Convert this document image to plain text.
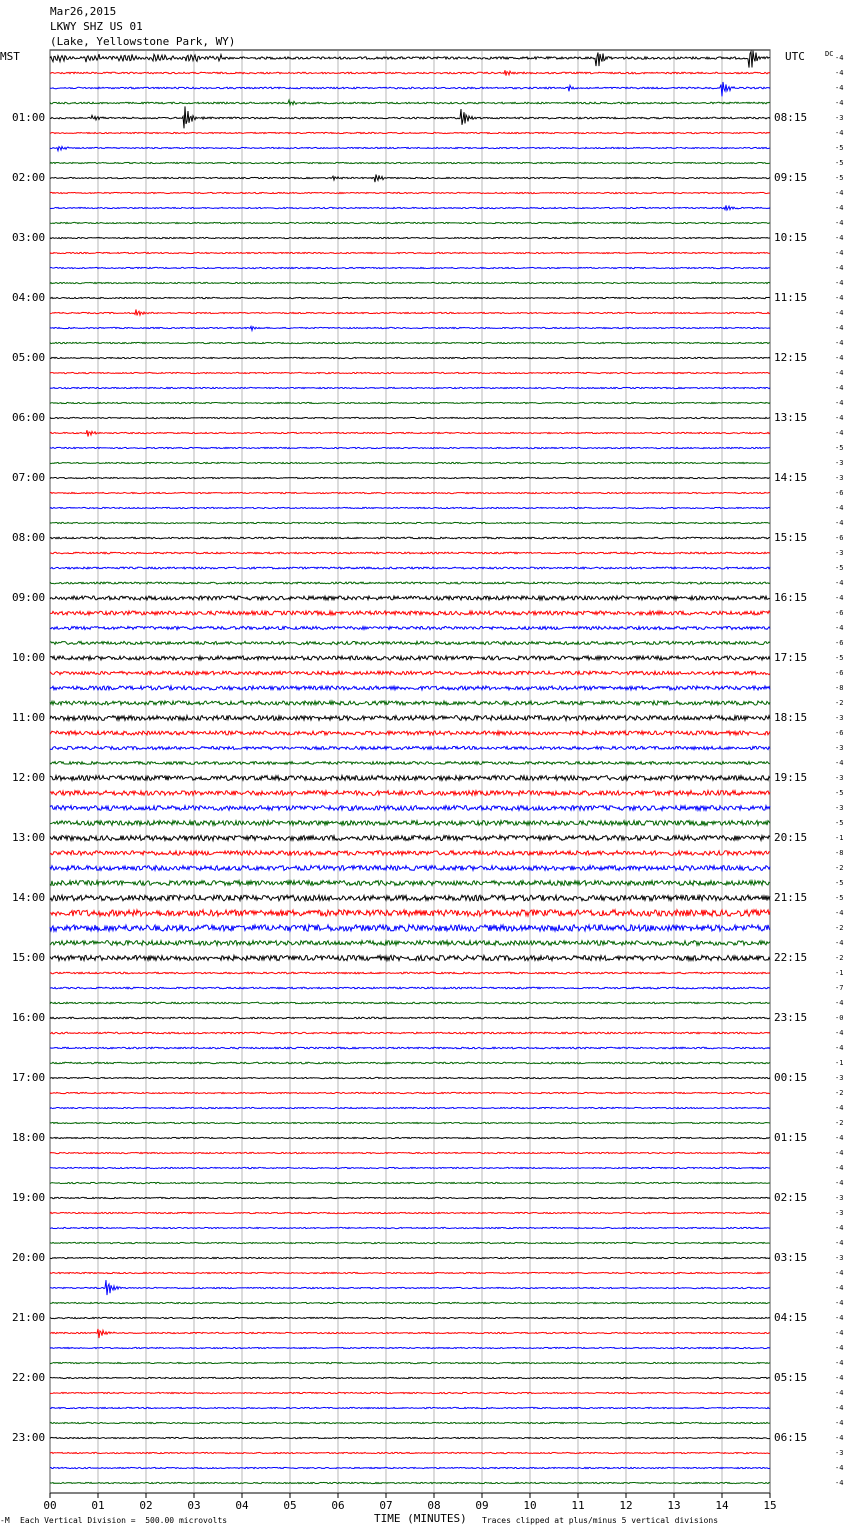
00	01	02	03	04	05	06	07	08	09	10	11	12	13	14	15
Mar26,2015
LKWY SHZ US 01
(Lake, Yellowstone Park, WY)
MST	UTC	DC
01:00
02:00
03:00
04:00
05:00
06:00
07:00
08:00
09:00
10:00
11:00
12:00
13:00
14:00
15:00
16:00
17:00
18:00
19:00
20:00
21:00
22:00
23:00
08:15
09:15
10:15
11:15
12:15
13:15
14:15
15:15
16:15
17:15
18:15
19:15
20:15
21:15
22:15
23:15
00:15
01:15
02:15
03:15
04:15
05:15
06:15
-4
-4
-4
-4
-3
-4
-5
-5
-5
-4
-4
-4
-4
-4
-4
-4
-4
-4
-4
-4
-4
-4
-4
-4
-4
-4
-5
-3
-3
-6
-4
-4
-6
-3
-5
-4
-4
-6
-4
-6
-5
-6
-8
-2
-3
-6
-3
-4
-3
-5
-3
-5
-1
-8
-2
-5
-5
-4
-2
-4
-2
-1
-7
-4
-0
-4
-4
-1
-3
-2
-4
-2
-4
-4
-4
-4
-3
-3
-4
-4
-3
-4
-4
-4
-4
-4
-4
-4
-4
-4
-4
-4
-4
-3
-4
-4
-M Each Vertical Division =  500.00 microvolts	TIME (MINUTES) Traces clipped at plus/minus 5 vertical divisions
